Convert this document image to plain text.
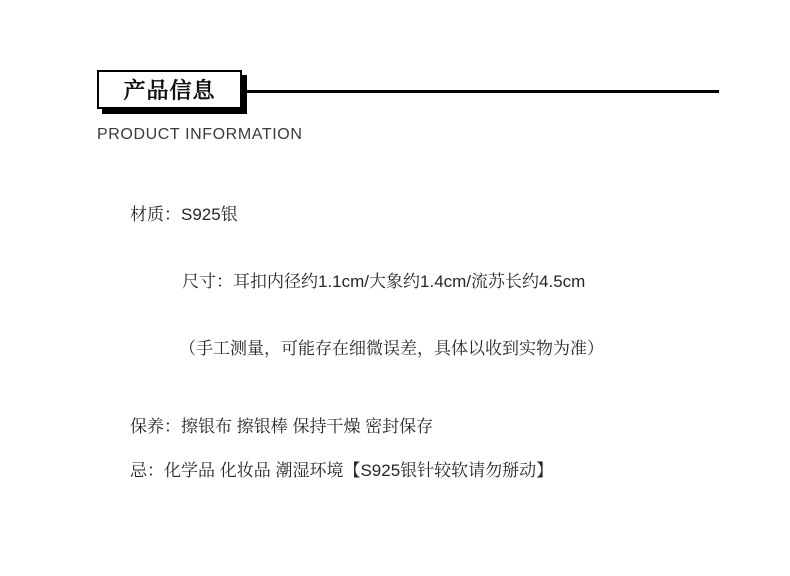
产品信息
PRODUCT INFORMATION

材质：S925银

尺寸：耳扣内径约1.1cm/大象约1.4cm/流苏长约4.5cm

（手工测量，可能存在细微误差，具体以收到实物为准）

保养：擦银布 擦银棒 保持干燥 密封保存

忌：化学品 化妆品 潮湿环境【S925银针较软请勿掰动】
